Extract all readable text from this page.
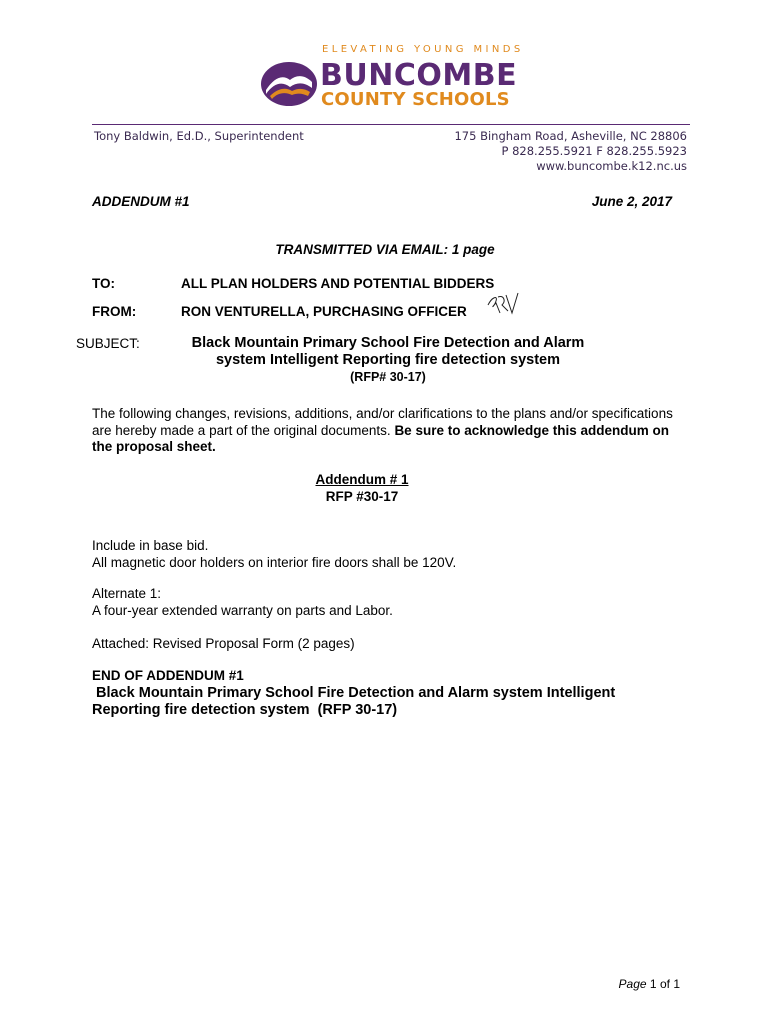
ELEVATING YOUNG MINDS
BUNCOMBE
COUNTY SCHOOLS
Tony Baldwin, Ed.D., Superintendent	175 Bingham Road, Asheville, NC 28806
P 828.255.5921 F 828.255.5923
www.buncombe.k12.nc.us
ADDENDUM #1	June 2, 2017
TRANSMITTED VIA EMAIL: 1 page
TO:	ALL PLAN HOLDERS AND POTENTIAL BIDDERS
FROM:	RON VENTURELLA, PURCHASING OFFICER
SUBJECT:	Black Mountain Primary School Fire Detection and Alarm
system Intelligent Reporting fire detection system
(RFP# 30-17)
The following changes, revisions, additions, and/or clarifications to the plans and/or specifications are hereby made a part of the original documents. Be sure to acknowledge this addendum on the proposal sheet.
Addendum # 1
RFP #30-17
Include in base bid.
All magnetic door holders on interior fire doors shall be 120V.
Alternate 1:
A four-year extended warranty on parts and Labor.
Attached: Revised Proposal Form (2 pages)
END OF ADDENDUM #1
Black Mountain Primary School Fire Detection and Alarm system Intelligent
Reporting fire detection system  (RFP 30-17)
Page 1 of 1
